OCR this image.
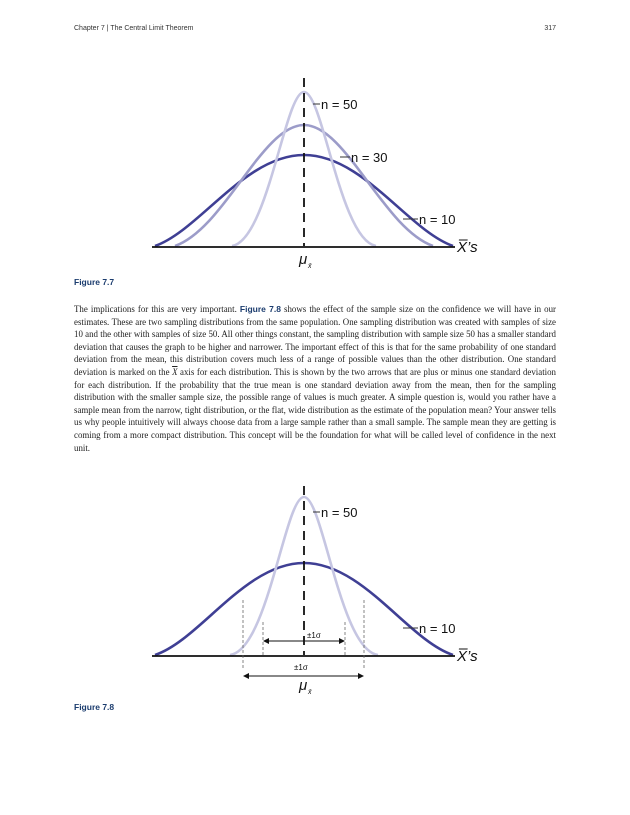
Chapter 7 | The Central Limit Theorem	317
n = 50
n = 30
n = 10
X̅’s
μ x̄
Figure 7.7
The implications for this are very important. Figure 7.8 shows the effect of the sample size on the confidence we will have in our estimates. These are two sampling distributions from the same population. One sampling distribution was created with samples of size 10 and the other with samples of size 50. All other things constant, the sampling distribution with sample size 50 has a smaller standard deviation that causes the graph to be higher and narrower. The important effect of this is that for the same probability of one standard deviation from the mean, this distribution covers much less of a range of possible values than the other distribution. One standard deviation is marked on the $\overline{X}$ axis for each distribution. This is shown by the two arrows that are plus or minus one standard deviation for each distribution. If the probability that the true mean is one standard deviation away from the mean, then for the sampling distribution with the smaller sample size, the possible range of values is much greater. A simple question is, would you rather have a sample mean from the narrow, tight distribution, or the flat, wide distribution as the estimate of the population mean? Your answer tells us why people intuitively will always choose data from a large sample rather than a small sample. The sample mean they are getting is coming from a more compact distribution. This concept will be the foundation for what will be called level of confidence in the next unit.
±1σ
±1σ
n = 50
n = 10
X̅’s
μ x̄
Figure 7.8
